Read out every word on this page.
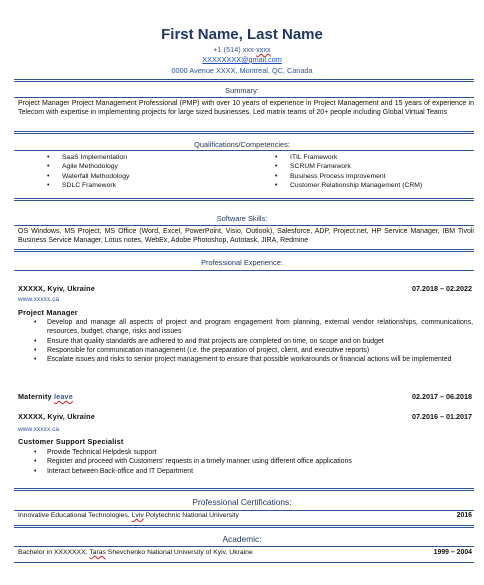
First Name, Last Name
+1 (514) xxx-xxxx
XXXXXXXX@gmail.com
0000 Avenue XXXX, Montreal, QC, Canada
Summary:
Project Manager Project Management Professional (PMP) with over 10 years of experience in Project Management and 15 years of experience in Telecom with expertise in implementing projects for large sized businesses. Led matrix teams of 20+ people including Global Virtual Teams
Qualifications/Competencies:
• SaaS Implementation
• Agile Methodology
• Waterfall Methodology
• SDLC Framework
• ITIL Framework
• SCRUM Framework
• Business Process Improvement
• Customer Relationship Management (CRM)
Software Skills:
OS Windows, MS Project, MS Office (Word, Excel, PowerPoint, Visio, Outlook), Salesforce, ADP, Project.net, HP Service Manager, IBM Tivoli Business Service Manager, Lotus notes, WebEx, Adobe Photoshop, Autotask, JIRA, Redmine
Professional Experience:
XXXXX, Kyiv, Ukraine	07.2018 – 02.2022
www.xxxxx.ca
Project Manager
• Develop and manage all aspects of project and program engagement from planning, external vendor relationships, communications, resources, budget, change, risks and issues
• Ensure that quality standards are adhered to and that projects are completed on time, on scope and on budget
• Responsible for communication management (i.e. the preparation of project, client, and executive reports)
• Escalate issues and risks to senior project management to ensure that possible workarounds or financial actions will be implemented
Maternity leave	02.2017 – 06.2018
XXXXX, Kyiv, Ukraine	07.2016 – 01.2017
www.xxxxx.ca
Customer Support Specialist
• Provide Technical Helpdesk support
• Register and proceed with Customers' requests in a timely manner using different office applications
• Interact between Back-office and IT Department
Professional Certifications:
Innovative Educational Technologies, Lviv Polytechnic National University	2016
Academic:
Bachelor in XXXXXXX, Taras Shevchenko National University of Kyiv, Ukraine	1999 – 2004
